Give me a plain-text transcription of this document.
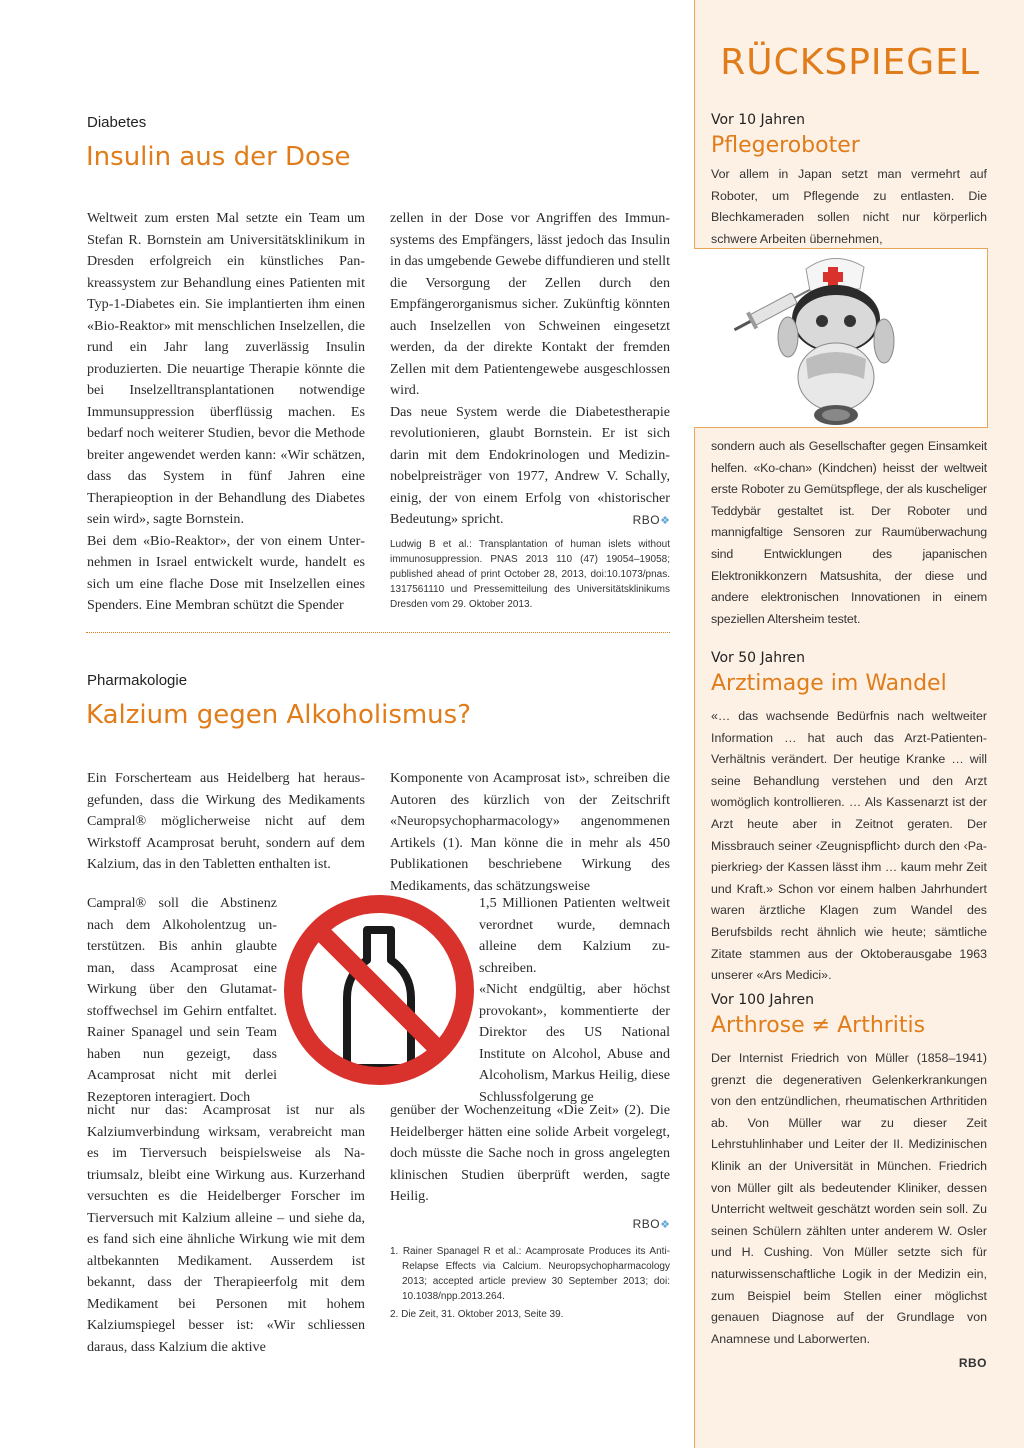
RÜCKSPIEGEL
Vor 10 Jahren
Pflegeroboter
Vor allem in Japan setzt man vermehrt auf Roboter, um Pflegende zu entlasten. Die Blechkameraden sollen nicht nur körperlich schwere Arbeiten übernehmen,
sondern auch als Gesellschafter gegen Einsamkeit helfen. «Ko-chan» (Kindchen) heisst der weltweit erste Roboter zu Gemütspflege, der als kuscheliger Teddybär gestaltet ist. Der Roboter und mannigfaltige Sensoren zur Raumüberwachung sind Entwicklungen des japanischen Elektronikkonzern Matsushita, der diese und andere elektronischen Innovationen in einem speziellen Altersheim testet.
Vor 50 Jahren
Arztimage im Wandel
«… das wachsende Bedürfnis nach weltweiter Information … hat auch das Arzt-Patienten-Verhältnis verändert. Der heutige Kranke … will seine Behandlung verstehen und den Arzt womöglich kontrollieren. … Als Kassenarzt ist der Arzt heute aber in Zeitnot geraten. Der Missbrauch seiner ‹Zeugnispflicht› durch den ‹Papierkrieg› der Kassen lässt ihm … kaum mehr Zeit und Kraft.» Schon vor einem halben Jahrhundert waren ärztliche Klagen zum Wandel des Berufsbilds recht ähnlich wie heute; sämtliche Zitate stammen aus der Oktoberausgabe 1963 unserer «Ars Medici».
Vor 100 Jahren
Arthrose ≠ Arthritis
Der Internist Friedrich von Müller (1858–1941) grenzt die degenerativen Gelenkerkrankungen von den entzündlichen, rheumatischen Arthritiden ab. Von Müller war zu dieser Zeit Lehrstuhlinhaber und Leiter der II. Medizinischen Klinik an der Universität in München. Friedrich von Müller gilt als bedeutender Kliniker, dessen Unterricht weltweit geschätzt worden sein soll. Zu seinen Schülern zählten unter anderem W. Osler und H. Cushing. Von Müller setzte sich für naturwissenschaftliche Logik in der Medizin ein, zum Beispiel beim Stellen einer möglichst genauen Diagnose auf der Grundlage von Anamnese und Laborwerten.
RBO
Diabetes
Insulin aus der Dose

Weltweit zum ersten Mal setzte ein Team um Stefan R. Bornstein am Universitätsklinikum in Dresden erfolgreich ein künstliches Pankreassystem zur Behandlung eines Patienten mit Typ-1-Diabetes ein. Sie implantierten ihm einen «Bio-Reaktor» mit menschlichen Inselzellen, die rund ein Jahr lang zuverlässig Insulin produzierten. Die neuartige Therapie könnte die bei Inselzelltransplantationen notwendige Immunsuppression überflüssig machen. Es bedarf noch weiterer Studien, bevor die Methode breiter angewendet werden kann: «Wir schätzen, dass das System in fünf Jahren eine Therapieoption in der Behandlung des Diabetes sein wird», sagte Bornstein.

Bei dem «Bio-Reaktor», der von einem Unternehmen in Israel entwickelt wurde, handelt es sich um eine flache Dose mit Inselzellen eines Spenders. Eine Membran schützt die Spender

zellen in der Dose vor Angriffen des Immunsystems des Empfängers, lässt jedoch das Insulin in das umgebende Gewebe diffundieren und stellt die Versorgung der Zellen durch den Empfängerorganismus sicher. Zukünftig könnten auch Inselzellen von Schweinen eingesetzt werden, da der direkte Kontakt der fremden Zellen mit dem Patientengewebe ausgeschlossen wird.

Das neue System werde die Diabetestherapie revolutionieren, glaubt Bornstein. Er ist sich darin mit dem Endokrinologen und Medizinnobelpreisträger von 1977, Andrew V. Schally, einig, der von einem Erfolg von «historischer Bedeutung» spricht.	RBO❖
Ludwig B et al.: Transplantation of human islets without immunosuppression. PNAS 2013 110 (47) 19054–19058; published ahead of print October 28, 2013, doi:10.1073/pnas. 1317561110 und Pressemitteilung des Universitätsklinikums Dresden vom 29. Oktober 2013.
Pharmakologie
Kalzium gegen Alkoholismus?

Ein Forscherteam aus Heidelberg hat herausgefunden, dass die Wirkung des Medikaments Campral® möglicherweise nicht auf dem Wirkstoff Acamprosat beruht, sondern auf dem Kalzium, das in den Tabletten enthalten ist.

Campral® soll die Abstinenz nach dem Alkoholentzug unterstützen. Bis anhin glaubte man, dass Acamprosat eine Wirkung über den Glutamatstoffwechsel im Gehirn entfaltet. Rainer Spanagel und sein Team haben nun gezeigt, dass Acamprosat nicht mit derlei Rezeptoren interagiert. Doch

nicht nur das: Acamprosat ist nur als Kalziumverbindung wirksam, verabreicht man es im Tierversuch beispielsweise als Natriumsalz, bleibt eine Wirkung aus. Kurzerhand versuchten es die Heidelberger Forscher im Tierversuch mit Kalzium alleine – und siehe da, es fand sich eine ähnliche Wirkung wie mit dem altbekannten Medikament. Ausserdem ist bekannt, dass der Therapieerfolg mit dem Medikament bei Personen mit hohem Kalziumspiegel besser ist: «Wir schliessen daraus, dass Kalzium die aktive

Komponente von Acamprosat ist», schreiben die Autoren des kürzlich von der Zeitschrift «Neuropsychopharmacology» angenommenen Artikels (1). Man könne die in mehr als 450 Publikationen beschriebene Wirkung des Medikaments, das schätzungsweise

1,5 Millionen Patienten weltweit verordnet wurde, demnach alleine dem Kalzium zuschreiben.

«Nicht endgültig, aber höchst provokant», kommentierte der Direktor des US National Institute on Alcohol, Abuse and Alcoholism, Markus Heilig, diese Schlussfolgerung ge

genüber der Wochenzeitung «Die Zeit» (2). Die Heidelberger hätten eine solide Arbeit vorgelegt, doch müsste die Sache noch in gross angelegten klinischen Studien überprüft werden, sagte Heilig.

RBO❖
1. Rainer Spanagel R et al.: Acamprosate Produces its Anti-Relapse Effects via Calcium. Neuropsychopharmacology 2013; accepted article preview 30 September 2013; doi: 10.1038/npp.2013.264.
2. Die Zeit, 31. Oktober 2013, Seite 39.
